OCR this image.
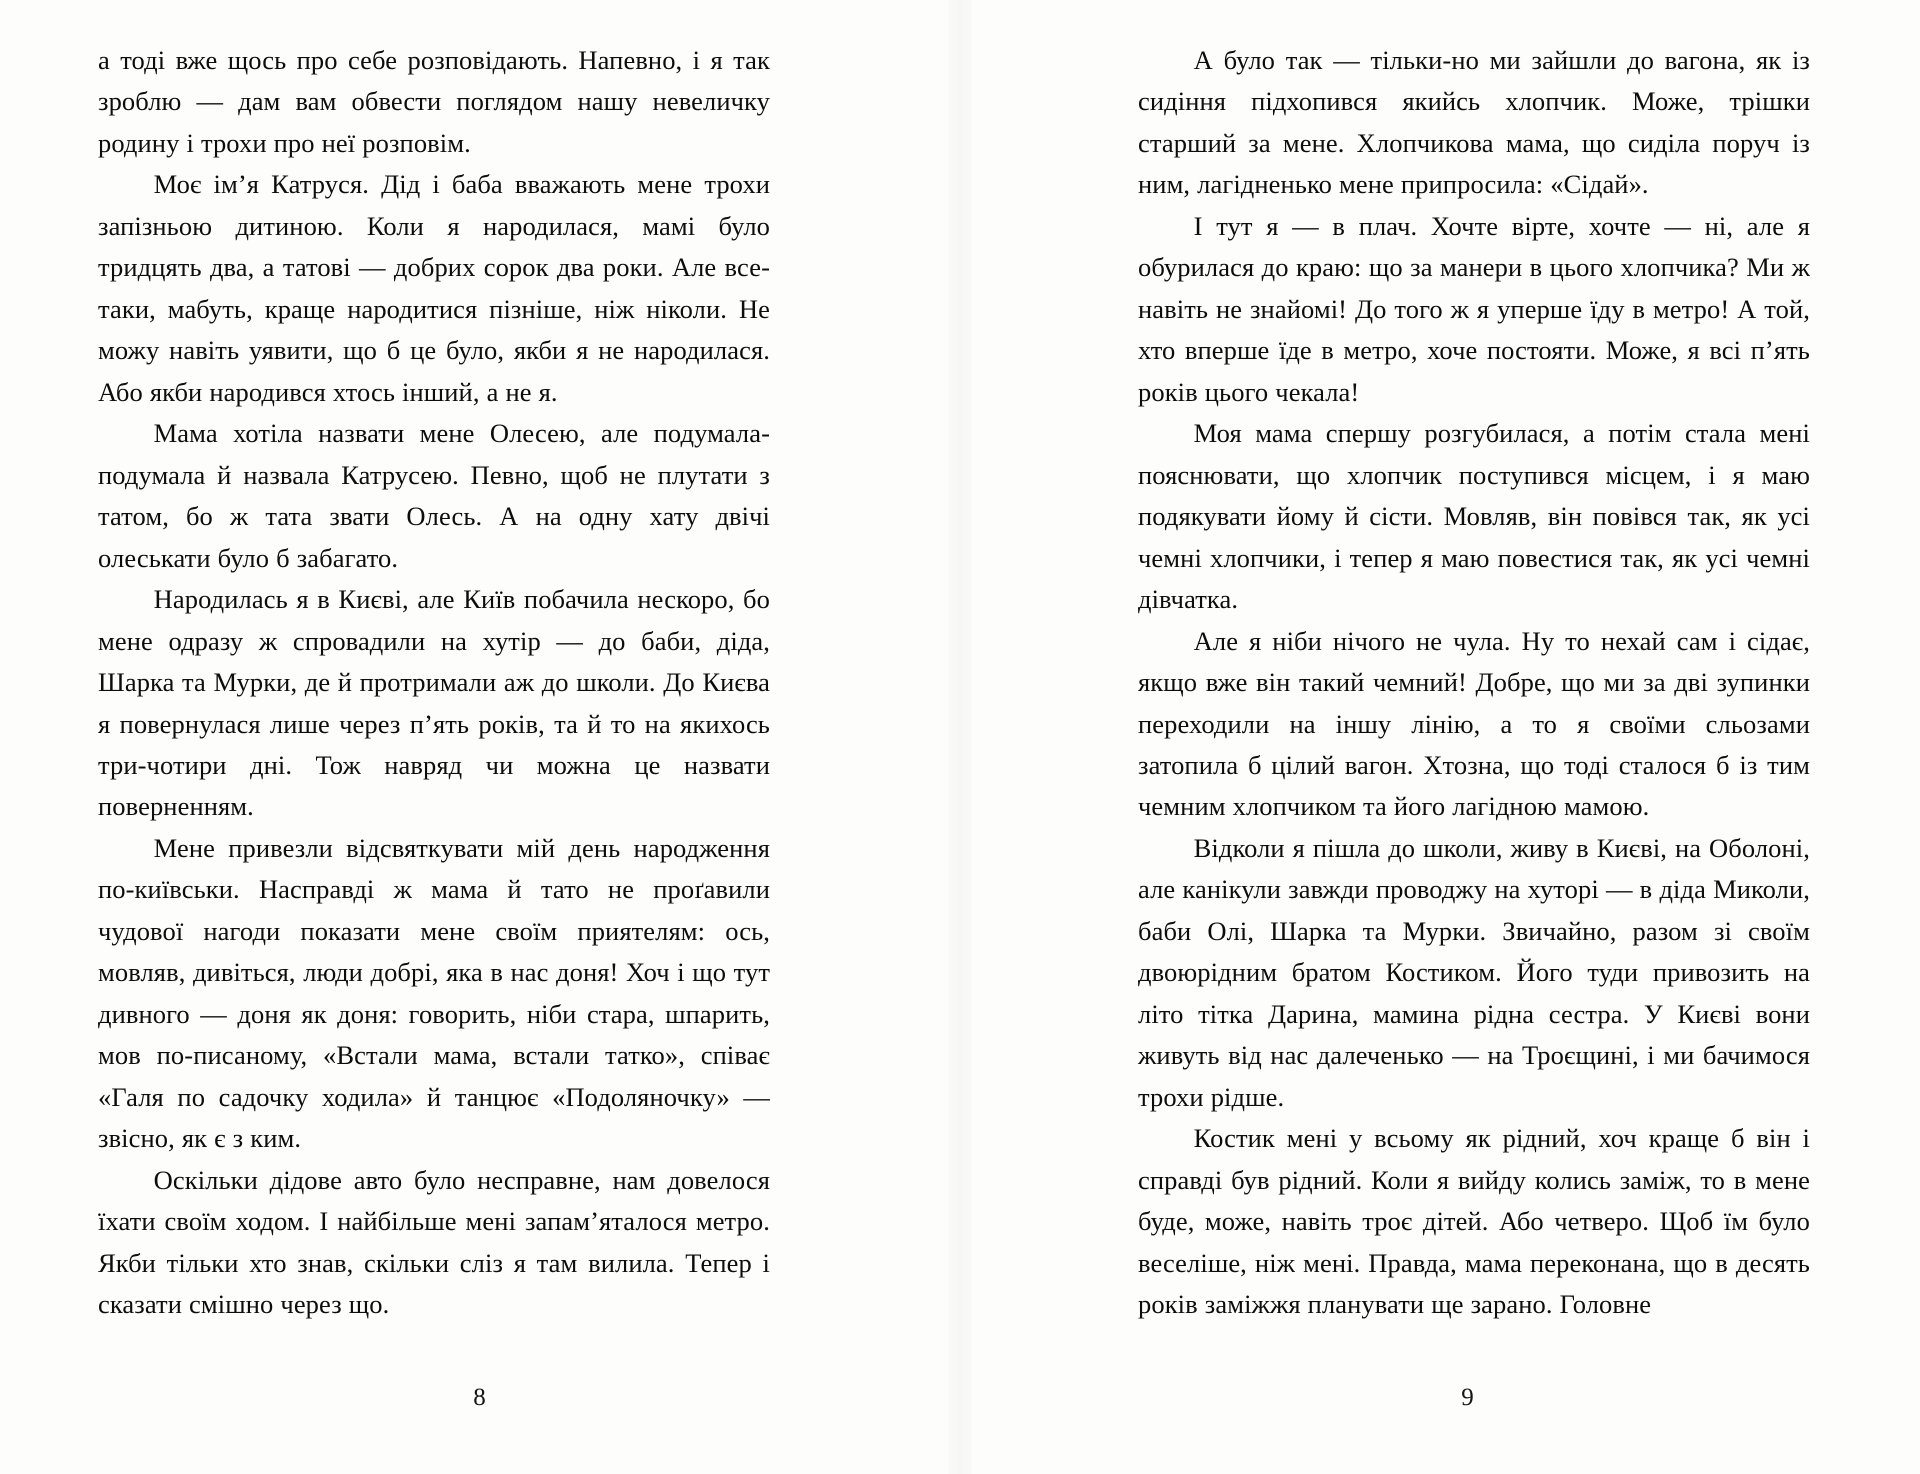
а тоді вже щось про себе розповідають. Напевно, і я так зроблю — дам вам обвести поглядом нашу невеличку родину і трохи про неї розповім.

Моє ім’я Катруся. Дід і баба вважають мене трохи запізньою дитиною. Коли я народилася, мамі було тридцять два, а татові — добрих сорок два роки. Але все-таки, мабуть, краще народитися пізніше, ніж ніколи. Не можу навіть уявити, що б це було, якби я не народилася. Або якби народився хтось інший, а не я.

Мама хотіла назвати мене Олесею, але подумала-подумала й назвала Катрусею. Певно, щоб не плутати з татом, бо ж тата звати Олесь. А на одну хату двічі олеськати було б забагато.

Народилась я в Києві, але Київ побачила нескоро, бо мене одразу ж спровадили на хутір — до баби, діда, Шарка та Мурки, де й протримали аж до школи. До Києва я повернулася лише через п’ять років, та й то на якихось три-чотири дні. Тож навряд чи можна це назвати поверненням.

Мене привезли відсвяткувати мій день народження по-київськи. Насправді ж мама й тато не проґавили чудової нагоди показати мене своїм приятелям: ось, мовляв, дивіться, люди добрі, яка в нас доня! Хоч і що тут дивного — доня як доня: говорить, ніби стара, шпарить, мов по-писаному, «Встали мама, встали татко», співає «Галя по садочку ходила» й танцює «Подоляночку» — звісно, як є з ким.

Оскільки дідове авто було несправне, нам довелося їхати своїм ходом. І найбільше мені запам’яталося метро. Якби тільки хто знав, скільки сліз я там вилила. Тепер і сказати смішно через що.

8

А було так — тільки-но ми зайшли до вагона, як із сидіння підхопився якийсь хлопчик. Може, трішки старший за мене. Хлопчикова мама, що сиділа поруч із ним, лагідненько мене припросила: «Сідай».

І тут я — в плач. Хочте вірте, хочте — ні, але я обурилася до краю: що за манери в цього хлопчика? Ми ж навіть не знайомі! До того ж я уперше їду в метро! А той, хто вперше їде в метро, хоче постояти. Може, я всі п’ять років цього чекала!

Моя мама спершу розгубилася, а потім стала мені пояснювати, що хлопчик поступився місцем, і я маю подякувати йому й сісти. Мовляв, він повівся так, як усі чемні хлопчики, і тепер я маю повестися так, як усі чемні дівчатка.

Але я ніби нічого не чула. Ну то нехай сам і сідає, якщо вже він такий чемний! Добре, що ми за дві зупинки переходили на іншу лінію, а то я своїми сльозами затопила б цілий вагон. Хтозна, що тоді сталося б із тим чемним хлопчиком та його лагідною мамою.

Відколи я пішла до школи, живу в Києві, на Оболоні, але канікули завжди проводжу на хуторі — в діда Миколи, баби Олі, Шарка та Мурки. Звичайно, разом зі своїм двоюрідним братом Костиком. Його туди привозить на літо тітка Дарина, мамина рідна сестра. У Києві вони живуть від нас далеченько — на Троєщині, і ми бачимося трохи рідше.

Костик мені у всьому як рідний, хоч краще б він і справді був рідний. Коли я вийду колись заміж, то в мене буде, може, навіть троє дітей. Або четверо. Щоб їм було веселіше, ніж мені. Правда, мама переконана, що в десять років заміжжя планувати ще зарано. Головне

9
